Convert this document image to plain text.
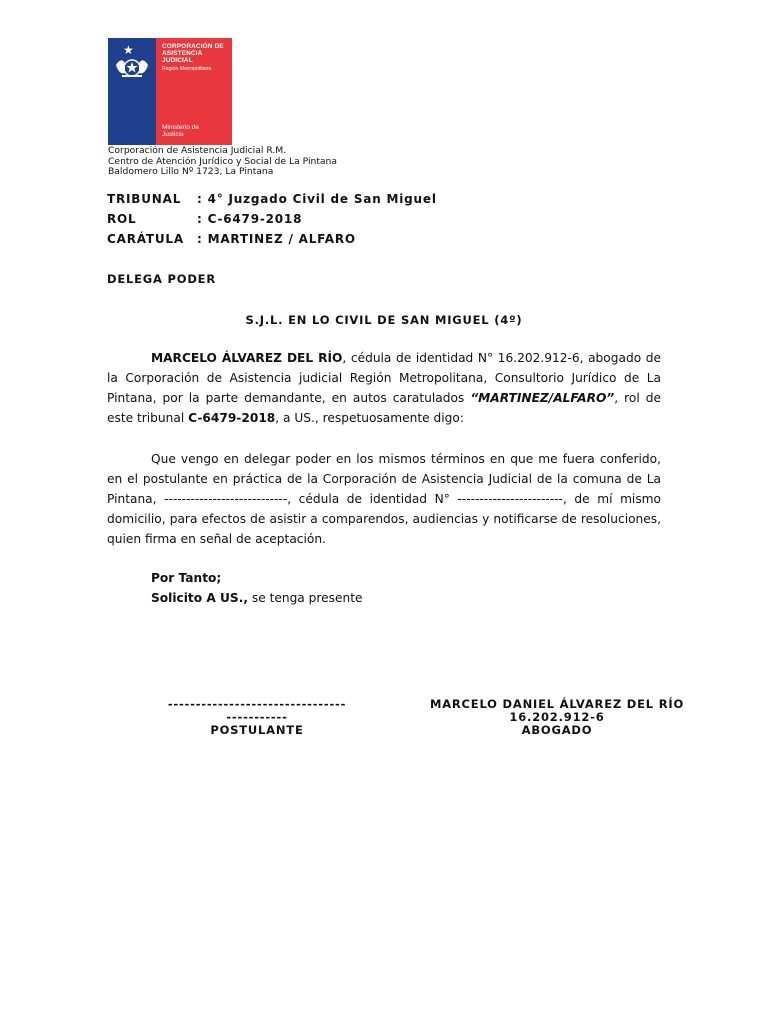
★	CORPORACIÓN DE
ASISTENCIA
JUDICIAL
Región Metropolitana
Ministerio de
Justicia
Corporación de Asistencia Judicial R.M.
Centro de Atención Jurídico y Social de La Pintana
Baldomero Lillo Nº 1723, La Pintana
TRIBUNAL : 4° Juzgado Civil de San Miguel
ROL	: C-6479-2018
CARÁTULA : MARTINEZ / ALFARO
DELEGA PODER
S.J.L. EN LO CIVIL DE SAN MIGUEL (4º)
MARCELO ÁLVAREZ DEL RÍO, cédula de identidad N° 16.202.912-6, abogado de la Corporación de Asistencia judicial Región Metropolitana, Consultorio Jurídico de La Pintana, por la parte demandante, en autos caratulados “MARTINEZ/ALFARO”, rol de este tribunal C-6479-2018, a US., respetuosamente digo:
Que vengo en delegar poder en los mismos términos en que me fuera conferido, en el postulante en práctica de la Corporación de Asistencia Judicial de la comuna de La Pintana, ----------------------------, cédula de identidad N° ------------------------, de mí mismo domicilio, para efectos de asistir a comparendos, audiencias y notificarse de resoluciones, quien firma en señal de aceptación.
Por Tanto;
Solicito A US., se tenga presente
--------------------------------
-----------
POSTULANTE
MARCELO DANIEL ÁLVAREZ DEL RÍO
16.202.912-6
ABOGADO
